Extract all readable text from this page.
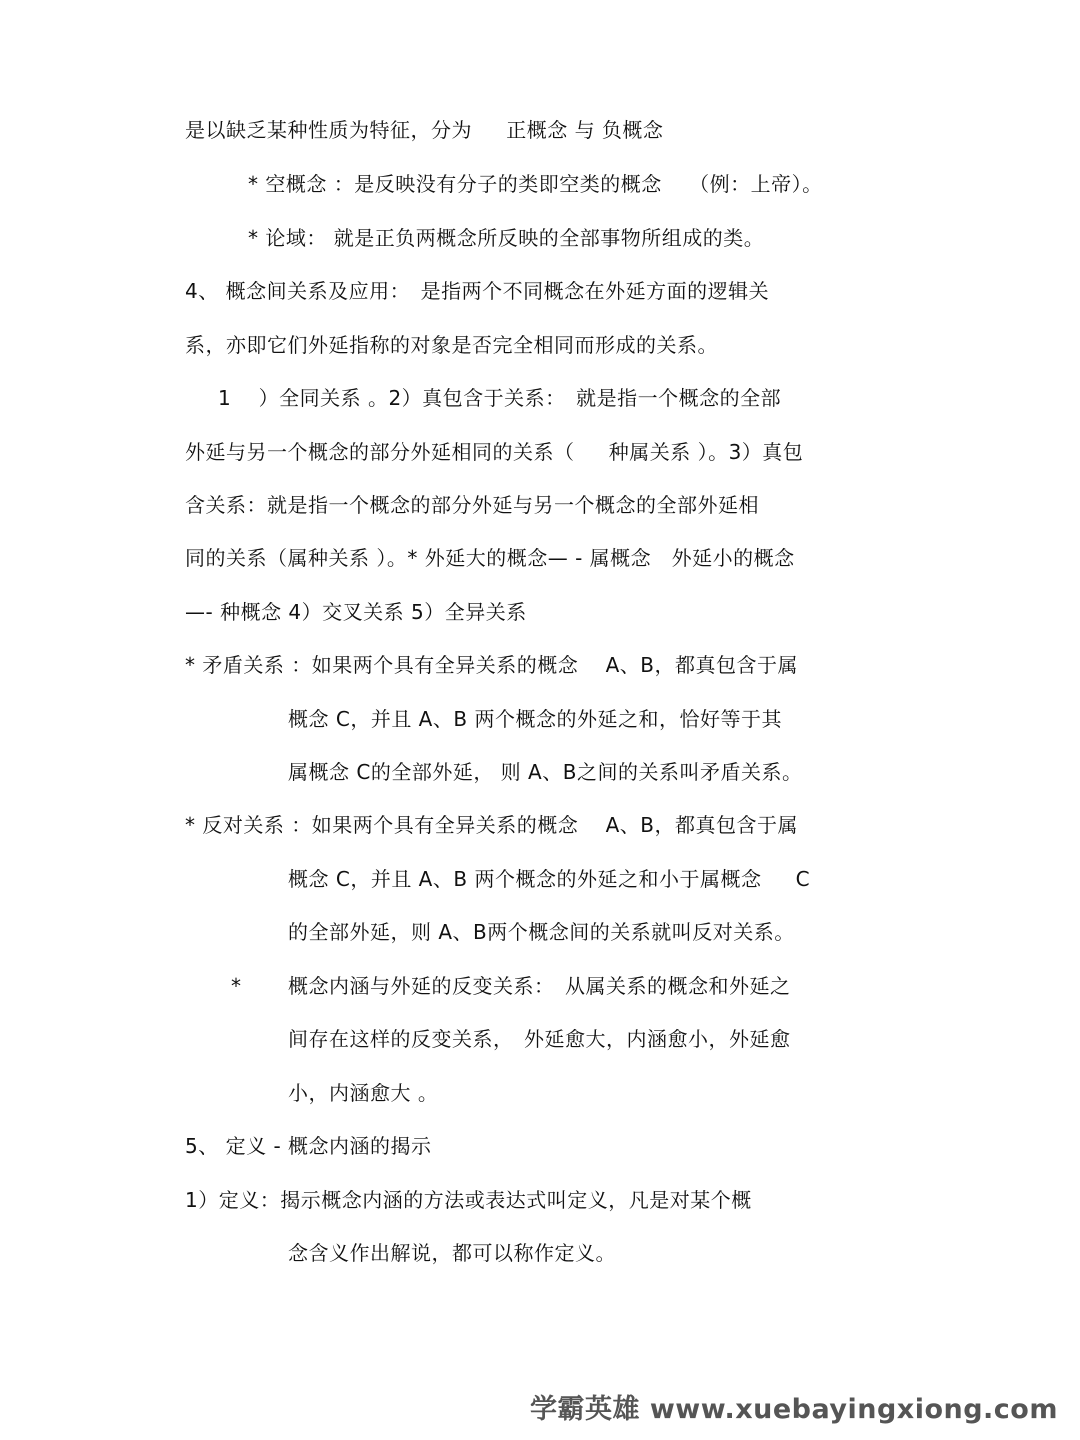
是以缺乏某种性质为特征，分为　  正概念 与 负概念
* 空概念 ：是反映没有分子的类即空类的概念　 （例：上帝）。
* 论域： 就是正负两概念所反映的全部事物所组成的类。
4、 概念间关系及应用：　是指两个不同概念在外延方面的逻辑关
系，亦即它们外延指称的对象是否完全相同而形成的关系。
1　 ）全同关系 。2）真包含于关系：　就是指一个概念的全部
外延与另一个概念的部分外延相同的关系（　  种属关系 ）。3）真包
含关系：就是指一个概念的部分外延与另一个概念的全部外延相
同的关系（属种关系 ）。* 外延大的概念— - 属概念　外延小的概念
—- 种概念 4）交叉关系 5）全异关系
* 矛盾关系 ：如果两个具有全异关系的概念　 A、B，都真包含于属
概念 C，并且 A、B 两个概念的外延之和，恰好等于其
属概念 C的全部外延， 则 A、B之间的关系叫矛盾关系。
* 反对关系 ：如果两个具有全异关系的概念　 A、B，都真包含于属
概念 C，并且 A、B 两个概念的外延之和小于属概念　  C
的全部外延，则 A、B两个概念间的关系就叫反对关系。
* 概念内涵与外延的反变关系：　从属关系的概念和外延之
间存在这样的反变关系，　外延愈大，内涵愈小，外延愈
小，内涵愈大 。
5、 定义 - 概念内涵的揭示
1）定义：揭示概念内涵的方法或表达式叫定义，凡是对某个概
念含义作出解说，都可以称作定义。
学霸英雄 www.xuebayingxiong.com
